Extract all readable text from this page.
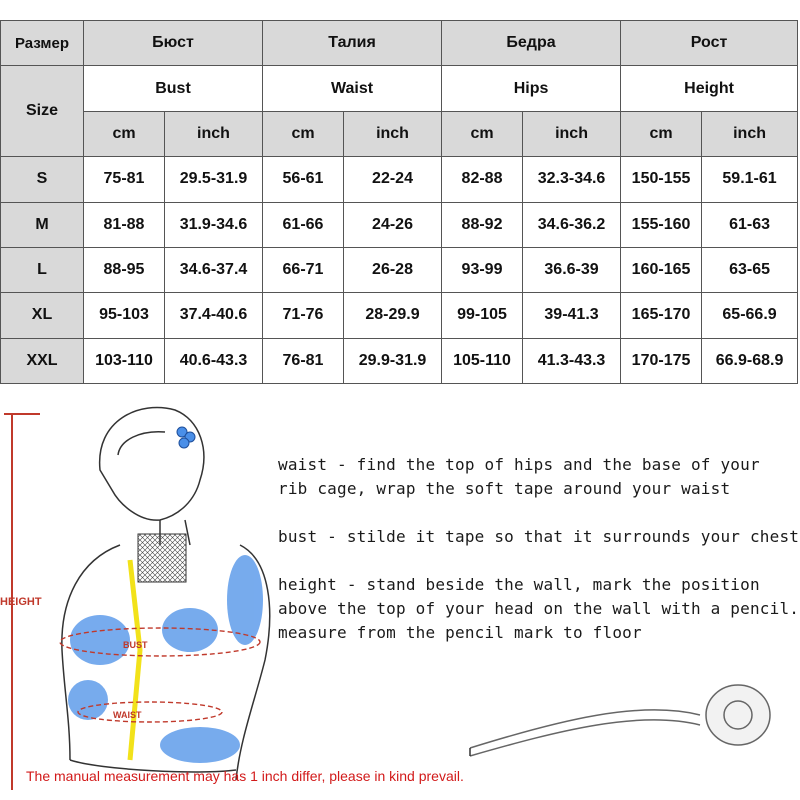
Размер	Бюст		Талия		Бедра		Рост	
Size	Bust		Waist		Hips		Height	
	cm	inch	cm	inch	cm	inch	cm	inch
S	75-81	29.5-31.9	56-61	22-24	82-88	32.3-34.6	150-155	59.1-61
M	81-88	31.9-34.6	61-66	24-26	88-92	34.6-36.2	155-160	61-63
L	88-95	34.6-37.4	66-71	26-28	93-99	36.6-39	160-165	63-65
XL	95-103	37.4-40.6	71-76	28-29.9	99-105	39-41.3	165-170	65-66.9
XXL	103-110	40.6-43.3	76-81	29.9-31.9	105-110	41.3-43.3	170-175	66.9-68.9
BUST
WAIST
HEIGHT
waist - find the top of hips and the base of your
rib cage, wrap the soft tape around your waist
bust - stilde it tape so that it surrounds your chest
height - stand beside the wall, mark the position
above the top of your head on the wall with a pencil.
measure from the pencil mark to floor
The manual measurement may has 1 inch differ, please in kind prevail.
